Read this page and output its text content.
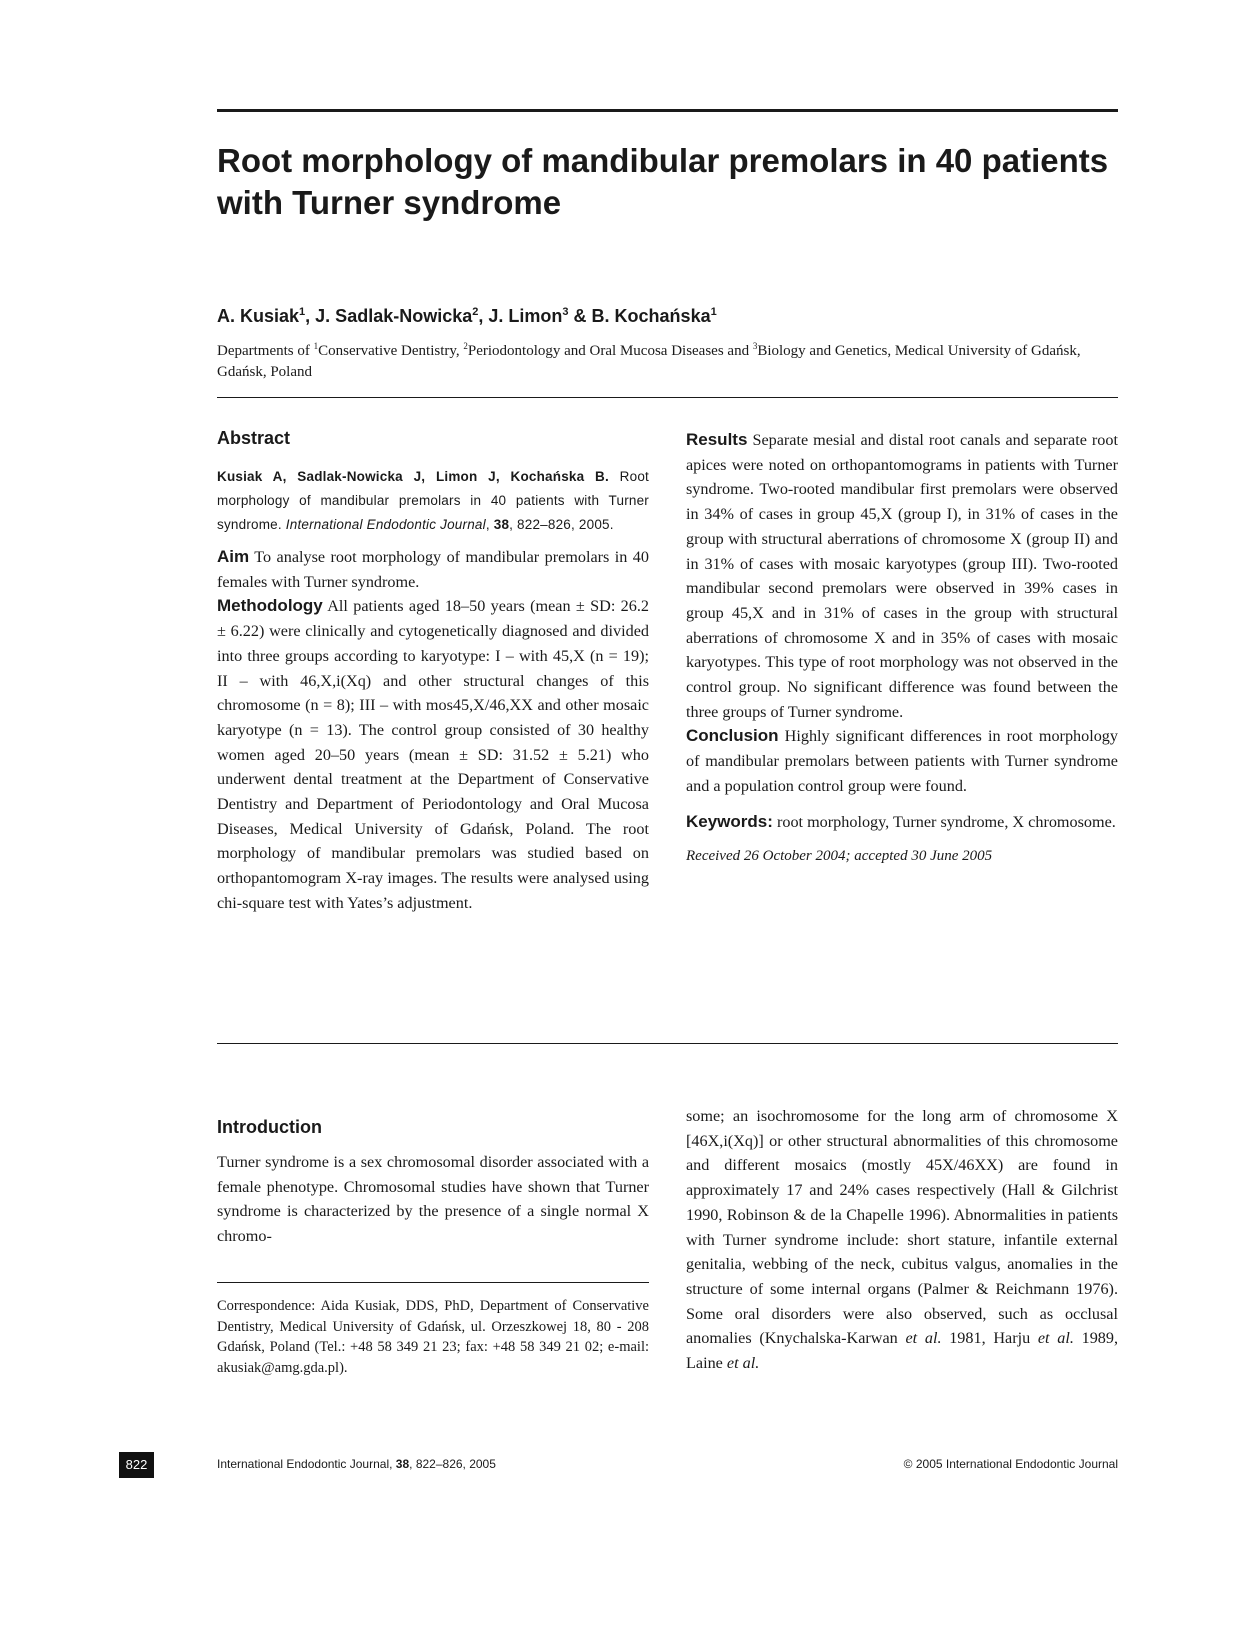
Root morphology of mandibular premolars in 40 patients with Turner syndrome
A. Kusiak$^1$, J. Sadlak-Nowicka$^2$, J. Limon$^3$ & B. Kochańska$^1$
Departments of $^1$Conservative Dentistry, $^2$Periodontology and Oral Mucosa Diseases and $^3$Biology and Genetics, Medical University of Gdańsk, Gdańsk, Poland
Abstract

Kusiak A, Sadlak-Nowicka J, Limon J, Kochańska B. Root morphology of mandibular premolars in 40 patients with Turner syndrome. International Endodontic Journal, 38, 822–826, 2005.

Aim To analyse root morphology of mandibular premolars in 40 females with Turner syndrome.

Methodology All patients aged 18–50 years (mean ± SD: 26.2 ± 6.22) were clinically and cytogenetically diagnosed and divided into three groups according to karyotype: I – with 45,X (n = 19); II – with 46,X,i(Xq) and other structural changes of this chromosome (n = 8); III – with mos45,X/46,XX and other mosaic karyotype (n = 13). The control group consisted of 30 healthy women aged 20–50 years (mean ± SD: 31.52 ± 5.21) who underwent dental treatment at the Department of Conservative Dentistry and Department of Periodontology and Oral Mucosa Diseases, Medical University of Gdańsk, Poland. The root morphology of mandibular premolars was studied based on orthopantomogram X-ray images. The results were analysed using chi-square test with Yates’s adjustment.

Results Separate mesial and distal root canals and separate root apices were noted on orthopantomograms in patients with Turner syndrome. Two-rooted mandibular first premolars were observed in 34% of cases in group 45,X (group I), in 31% of cases in the group with structural aberrations of chromosome X (group II) and in 31% of cases with mosaic karyotypes (group III). Two-rooted mandibular second premolars were observed in 39% cases in group 45,X and in 31% of cases in the group with structural aberrations of chromosome X and in 35% of cases with mosaic karyotypes. This type of root morphology was not observed in the control group. No significant difference was found between the three groups of Turner syndrome.

Conclusion Highly significant differences in root morphology of mandibular premolars between patients with Turner syndrome and a population control group were found.

Keywords: root morphology, Turner syndrome, X chromosome.

Received 26 October 2004; accepted 30 June 2005

Introduction

Turner syndrome is a sex chromosomal disorder associated with a female phenotype. Chromosomal studies have shown that Turner syndrome is characterized by the presence of a single normal X chromo-

some; an isochromosome for the long arm of chromosome X [46X,i(Xq)] or other structural abnormalities of this chromosome and different mosaics (mostly 45X/46XX) are found in approximately 17 and 24% cases respectively (Hall & Gilchrist 1990, Robinson & de la Chapelle 1996). Abnormalities in patients with Turner syndrome include: short stature, infantile external genitalia, webbing of the neck, cubitus valgus, anomalies in the structure of some internal organs (Palmer & Reichmann 1976). Some oral disorders were also observed, such as occlusal anomalies (Knychalska-Karwan et al. 1981, Harju et al. 1989, Laine et al.

Correspondence: Aida Kusiak, DDS, PhD, Department of Conservative Dentistry, Medical University of Gdańsk, ul. Orzeszkowej 18, 80 - 208 Gdańsk, Poland (Tel.: +48 58 349 21 23; fax: +48 58 349 21 02; e-mail: akusiak@amg.gda.pl).

822	International Endodontic Journal, 38, 822–826, 2005	© 2005 International Endodontic Journal
